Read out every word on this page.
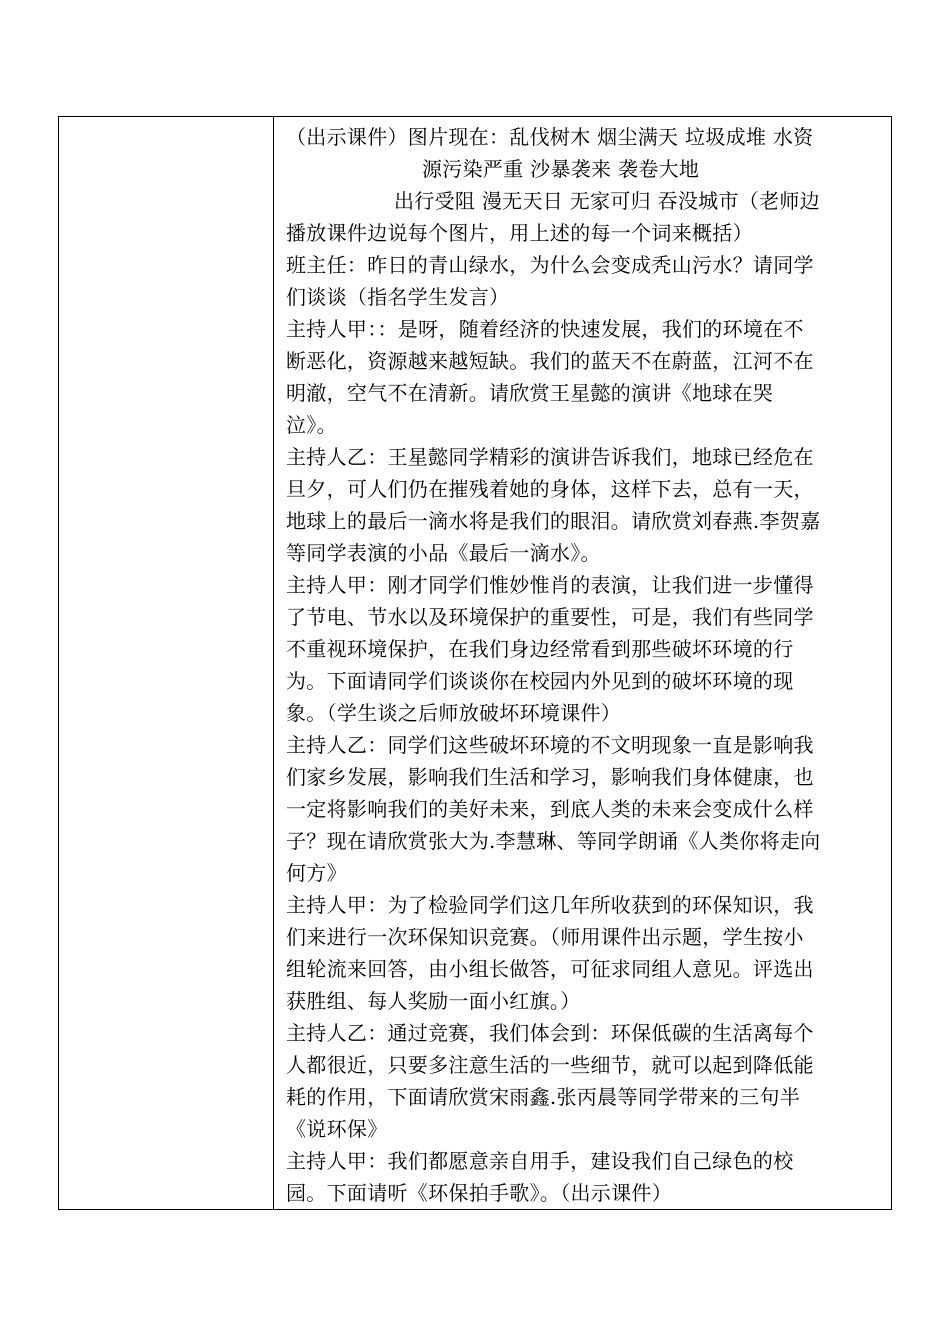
（出示课件）图片现在：乱伐树木 烟尘满天 垃圾成堆 水资
源污染严重 沙暴袭来 袭卷大地
出行受阻 漫无天日 无家可归 吞没城市（老师边
播放课件边说每个图片，用上述的每一个词来概括）
班主任：昨日的青山绿水，为什么会变成秃山污水？请同学
们谈谈（指名学生发言）
主持人甲：：是呀，随着经济的快速发展，我们的环境在不
断恶化，资源越来越短缺。我们的蓝天不在蔚蓝，江河不在
明澈，空气不在清新。请欣赏王星懿的演讲《地球在哭
泣》。
主持人乙：王星懿同学精彩的演讲告诉我们，地球已经危在
旦夕，可人们仍在摧残着她的身体，这样下去，总有一天，
地球上的最后一滴水将是我们的眼泪。请欣赏刘春燕.李贺嘉
等同学表演的小品《最后一滴水》。
主持人甲：刚才同学们惟妙惟肖的表演，让我们进一步懂得
了节电、节水以及环境保护的重要性，可是，我们有些同学
不重视环境保护，在我们身边经常看到那些破坏环境的行
为。下面请同学们谈谈你在校园内外见到的破坏环境的现
象。（学生谈之后师放破坏环境课件）
主持人乙：同学们这些破坏环境的不文明现象一直是影响我
们家乡发展，影响我们生活和学习，影响我们身体健康，也
一定将影响我们的美好未来，到底人类的未来会变成什么样
子？现在请欣赏张大为.李慧琳、等同学朗诵《人类你将走向
何方》
主持人甲：为了检验同学们这几年所收获到的环保知识，我
们来进行一次环保知识竞赛。（师用课件出示题，学生按小
组轮流来回答，由小组长做答，可征求同组人意见。评选出
获胜组、每人奖励一面小红旗。）
主持人乙：通过竞赛，我们体会到：环保低碳的生活离每个
人都很近，只要多注意生活的一些细节，就可以起到降低能
耗的作用，下面请欣赏宋雨鑫.张丙晨等同学带来的三句半
《说环保》
主持人甲：我们都愿意亲自用手，建设我们自己绿色的校
园。下面请听《环保拍手歌》。（出示课件）
